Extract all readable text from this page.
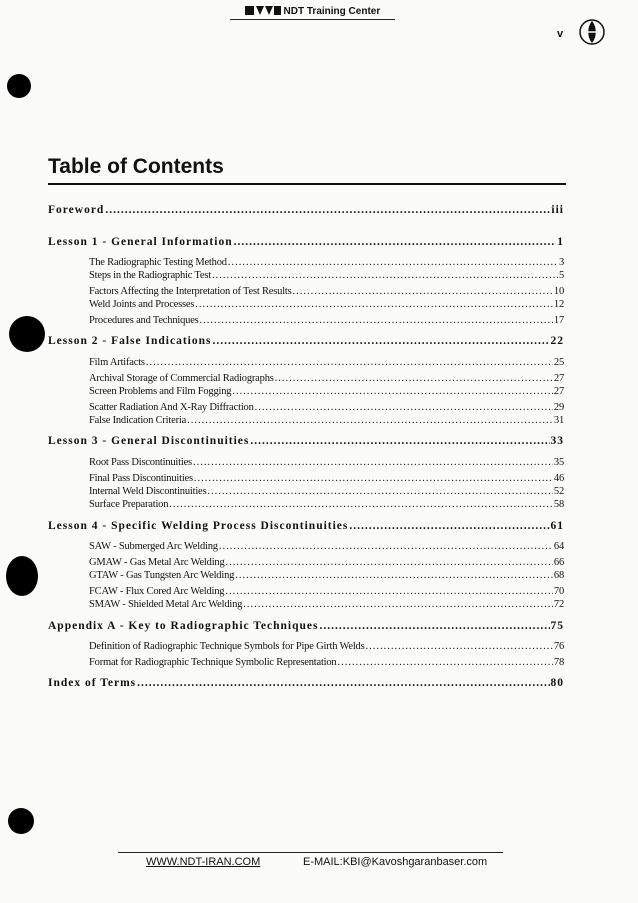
NDT Training Center
v
Table of Contents
Foreword .....	iii
Lesson 1 - General Information .....	1
The Radiographic Testing Method .....	3
Steps in the Radiographic Test .....	5
Factors Affecting the Interpretation of Test Results .....	10
Weld Joints and Processes .....	12
Procedures and Techniques .....	17
Lesson 2 - False Indications .....	22
Film Artifacts .....	25
Archival Storage of Commercial Radiographs .....	27
Screen Problems and Film Fogging .....	27
Scatter Radiation And X-Ray Diffraction .....	29
False Indication Criteria .....	31
Lesson 3 - General Discontinuities .....	33
Root Pass Discontinuities .....	35
Final Pass Discontinuities .....	46
Internal Weld Discontinuities .....	52
Surface Preparation .....	58
Lesson 4 - Specific Welding Process Discontinuities .....	61
SAW - Submerged Arc Welding .....	64
GMAW - Gas Metal Arc Welding .....	66
GTAW - Gas Tungsten Arc Welding .....	68
FCAW - Flux Cored Arc Welding .....	70
SMAW - Shielded Metal Arc Welding .....	72
Appendix A - Key to Radiographic Techniques .....	75
Definition of Radiographic Technique Symbols for Pipe Girth Welds .....	76
Format for Radiographic Technique Symbolic Representation .....	78
Index of Terms .....	80
WWW.NDT-IRAN.COM	E-MAIL:KBI@Kavoshgaranbaser.com
